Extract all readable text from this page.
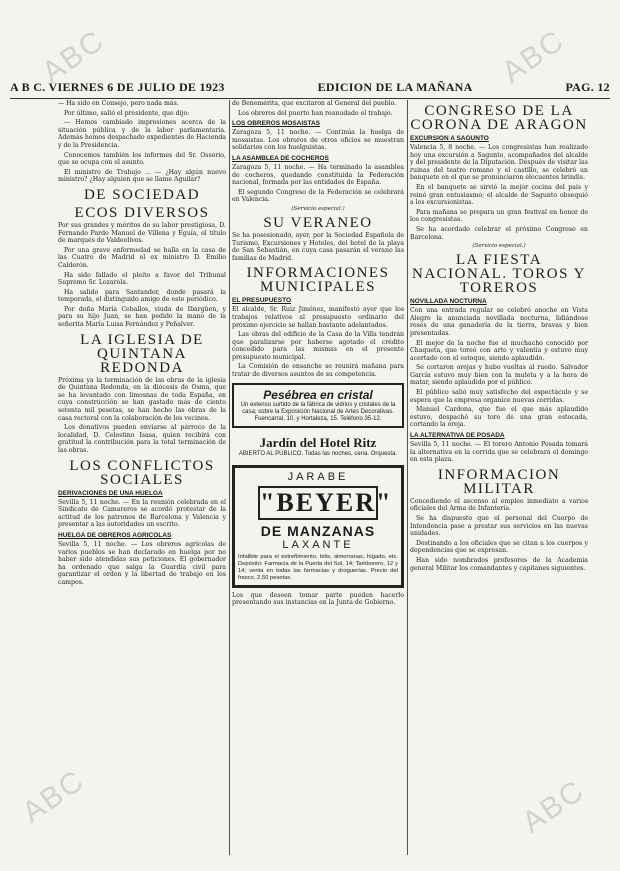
A B C. VIERNES 6 DE JULIO DE 1923	EDICION DE LA MAÑANA	PAG. 12

— Ha sido en Consejo, pero nada más.

Por último, salió el presidente, que dijo:

— Hemos cambiado impresiones acerca de la situación pública y de la labor parlamentaria. Además hemos despachado expedientes de Hacienda y de la Presidencia.

Conocemos también los informes del Sr. Ossorio, que se ocupa con el asunto.

El ministro de Trabajo ... — ¿Hay algún nuevo ministro? ¿Hay alguien que se llame Aguilar?

DE SOCIEDAD
ECOS DIVERSOS

Por sus grandes y méritos de su labor prestigiosa, D. Fernando Pardo Manuel de Villena y Eguía, el título de marqués de Valdeolivos.

Por una grave enfermedad se halla en la casa de las Cuatro de Madrid el ex ministro D. Emilio Calderón.

Ha sido fallado el pleito a favor del Tribunal Supremo Sr. Lozarola.

Ha salido para Santander, donde pasará la temporada, el distinguido amigo de este periódico.

Por doña María Ceballos, viuda de Ibargüen, y para su hijo Juan, se han pedido la mano de la señorita María Luisa Fernández y Peñalver.

LA IGLESIA DE QUINTANA REDONDA

Próxima ya la terminación de las obras de la iglesia de Quintana Redonda, en la diócesis de Osma, que se ha levantado con limosnas de toda España, en cuya construcción se han gastado más de ciento setenta mil pesetas, se han hecho las obras de la casa rectoral con la colaboración de los vecinos.

Los donativos pueden enviarse al párroco de la localidad, D. Celestino Isasa, quien recibirá con gratitud la contribución para la total terminación de las obras.

LOS CONFLICTOS SOCIALES
DERIVACIONES DE UNA HUELGA

Sevilla 5, 11 noche. — En la reunión celebrada en el Sindicato de Camareros se acordó protestar de la actitud de los patronos de Barcelona y Valencia y presentar a las autoridades un escrito.

HUELGA DE OBREROS AGRICOLAS

Sevilla 5, 11 noche. — Los obreros agrícolas de varios pueblos se han declarado en huelga por no haber sido atendidas sus peticiones. El gobernador ha ordenado que salga la Guardia civil para garantizar el orden y la libertad de trabajo en los campos.

de Benemérita, que excitaron al General del pueblo.

Los obreros del puerto han reanudado el trabajo.

LOS OBREROS MOSAISTAS

Zaragoza 5, 11 noche. — Continúa la huelga de mosaistas. Los obreros de otros oficios se muestran solidarios con los huelguistas.

LA ASAMBLEA DE COCHEROS

Zaragoza 5, 11 noche. — Ha terminado la asamblea de cocheros, quedando constituida la Federación nacional, formada por las entidades de España.

El segundo Congreso de la Federación se celebrará en Valencia.

(Servicio especial.)
SU VERANEO

Se ha posesionado, ayer, por la Sociedad Española de Turismo, Excursiones y Hoteles, del hotel de la playa de San Sebastián, en cuya casa pasarán el verano las familias de Madrid.

INFORMACIONES MUNICIPALES
EL PRESUPUESTO

El alcalde, Sr. Ruiz Jiménez, manifestó ayer que los trabajos relativos al presupuesto ordinario del próximo ejercicio se hallan bastante adelantados.

Las obras del edificio de la Casa de la Villa tendrán que paralizarse por haberse agotado el crédito concedido para las mismas en el presente presupuesto municipal.

La Comisión de ensanche se reunirá mañana para tratar de diversos asuntos de su competencia.

Pesébrea en cristal
Un extenso surtido de la fábrica de vidrios y cristales de la casa; sobre la Exposición Nacional de Artes Decorativas. Fuencarral, 10, y Hortaleza, 15. Teléfono 35-12.
Jardín del Hotel Ritz
ABIERTO AL PÚBLICO. Todas las noches, cena. Orquesta.
JARABE
"BEYER"
DE MANZANAS
LAXANTE
Infalible para el estreñimiento, bilis, almorranas, hígado, etc. Depósito: Farmacia de la Puerta del Sol, 14; Tamborero, 12 y 14; venta en todas las farmacias y droguerías. Precio del frasco, 2,50 pesetas.

Los que deseen tomar parte pueden hacerlo presentando sus instancias en la Junta de Gobierno.

CONGRESO DE LA CORONA DE ARAGON
EXCURSION A SAGUNTO

Valencia 5, 8 noche. — Los congresistas han realizado hoy una excursión a Sagunto, acompañados del alcalde y del presidente de la Diputación. Después de visitar las ruinas del teatro romano y el castillo, se celebró un banquete en el que se pronunciaron elocuentes brindis.

En el banquete se sirvió la mejor cocina del país y reinó gran entusiasmo; el alcalde de Sagunto obsequió a los excursionistas.

Para mañana se prepara un gran festival en honor de los congresistas.

Se ha acordado celebrar el próximo Congreso en Barcelona.

(Servicio especial.)
LA FIESTA NACIONAL. TOROS Y TOREROS
NOVILLADA NOCTURNA

Con una entrada regular se celebró anoche en Vista Alegre la anunciada novillada nocturna, lidiándose reses de una ganadería de la tierra, bravas y bien presentadas.

El mejor de la noche fue el muchacho conocido por Chaqueta, que toreó con arte y valentía y estuvo muy acertado con el estoque, siendo aplaudido.

Se cortaron orejas y hubo vueltas al ruedo. Salvador García estuvo muy bien con la muleta y a la hora de matar, siendo aplaudido por el público.

El público salió muy satisfecho del espectáculo y se espera que la empresa organice nuevas corridas.

Manuel Cardona, que fue el que más aplaudido estuvo, despachó su toro de una gran estocada, cortando la oreja.

LA ALTERNATIVA DE POSADA

Sevilla 5, 11 noche. — El torero Antonio Posada tomará la alternativa en la corrida que se celebrará el domingo en esta plaza.

INFORMACION MILITAR

Concediendo el ascenso al empleo inmediato a varios oficiales del Arma de Infantería.

Se ha dispuesto que el personal del Cuerpo de Intendencia pase a prestar sus servicios en las nuevas unidades.

Destinando a los oficiales que se citan a los cuerpos y dependencias que se expresan.

Han sido nombrados profesores de la Academia general Militar los comandantes y capitanes siguientes.

ABC	ABC
ABC	ABC
